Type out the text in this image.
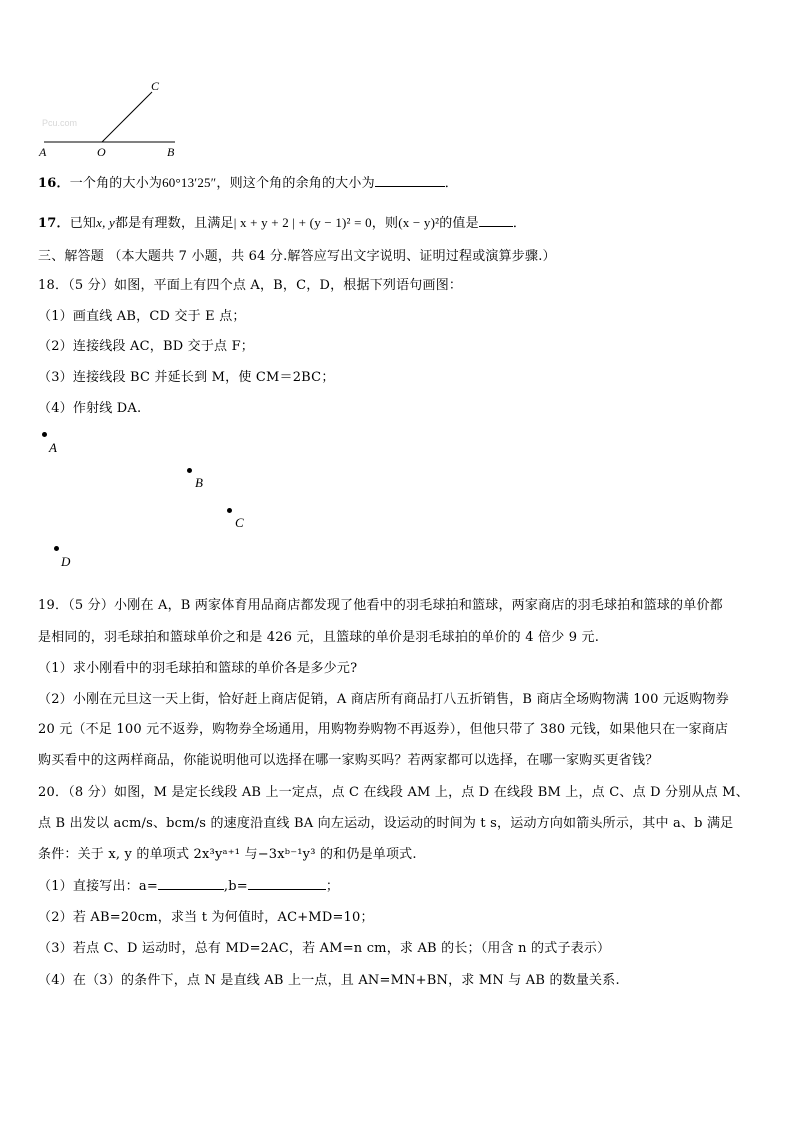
C
A	O	B
Pcu.com
16．一个角的大小为60°13′25″，则这个角的余角的大小为	．
17．已知x, y都是有理数，且满足| x + y + 2 | + (y − 1)² = 0，则(x − y)²的值是	．
三、解答题 （本大题共 7 小题，共 64 分.解答应写出文字说明、证明过程或演算步骤.）
18．（5 分）如图，平面上有四个点 A，B，C，D，根据下列语句画图：
（1）画直线 AB，CD 交于 E 点；
（2）连接线段 AC，BD 交于点 F；
（3）连接线段 BC 并延长到 M，使 CM＝2BC；
（4）作射线 DA.
A
B
C
D
19．（5 分）小刚在 A，B 两家体育用品商店都发现了他看中的羽毛球拍和篮球，两家商店的羽毛球拍和篮球的单价都
是相同的，羽毛球拍和篮球单价之和是 426 元，且篮球的单价是羽毛球拍的单价的 4 倍少 9 元.
（1）求小刚看中的羽毛球拍和篮球的单价各是多少元?
（2）小刚在元旦这一天上街，恰好赶上商店促销，A 商店所有商品打八五折销售，B 商店全场购物满 100 元返购物券
20 元（不足 100 元不返券，购物券全场通用，用购物券购物不再返券），但他只带了 380 元钱，如果他只在一家商店
购买看中的这两样商品，你能说明他可以选择在哪一家购买吗？若两家都可以选择，在哪一家购买更省钱？
20．（8 分）如图，M 是定长线段 AB 上一定点，点 C 在线段 AM 上，点 D 在线段 BM 上，点 C、点 D 分别从点 M、
点 B 出发以 acm/s、bcm/s 的速度沿直线 BA 向左运动，设运动的时间为 t s，运动方向如箭头所示，其中 a、b 满足
条件：关于 x, y 的单项式 2x³yᵃ⁺¹ 与−3xᵇ⁻¹y³ 的和仍是单项式.
（1）直接写出：a=	,b=	；
（2）若 AB=20cm，求当 t 为何值时，AC+MD=10；
（3）若点 C、D 运动时，总有 MD=2AC，若 AM=n cm，求 AB 的长；（用含 n 的式子表示）
（4）在（3）的条件下，点 N 是直线 AB 上一点，且 AN=MN+BN，求 MN 与 AB 的数量关系.
